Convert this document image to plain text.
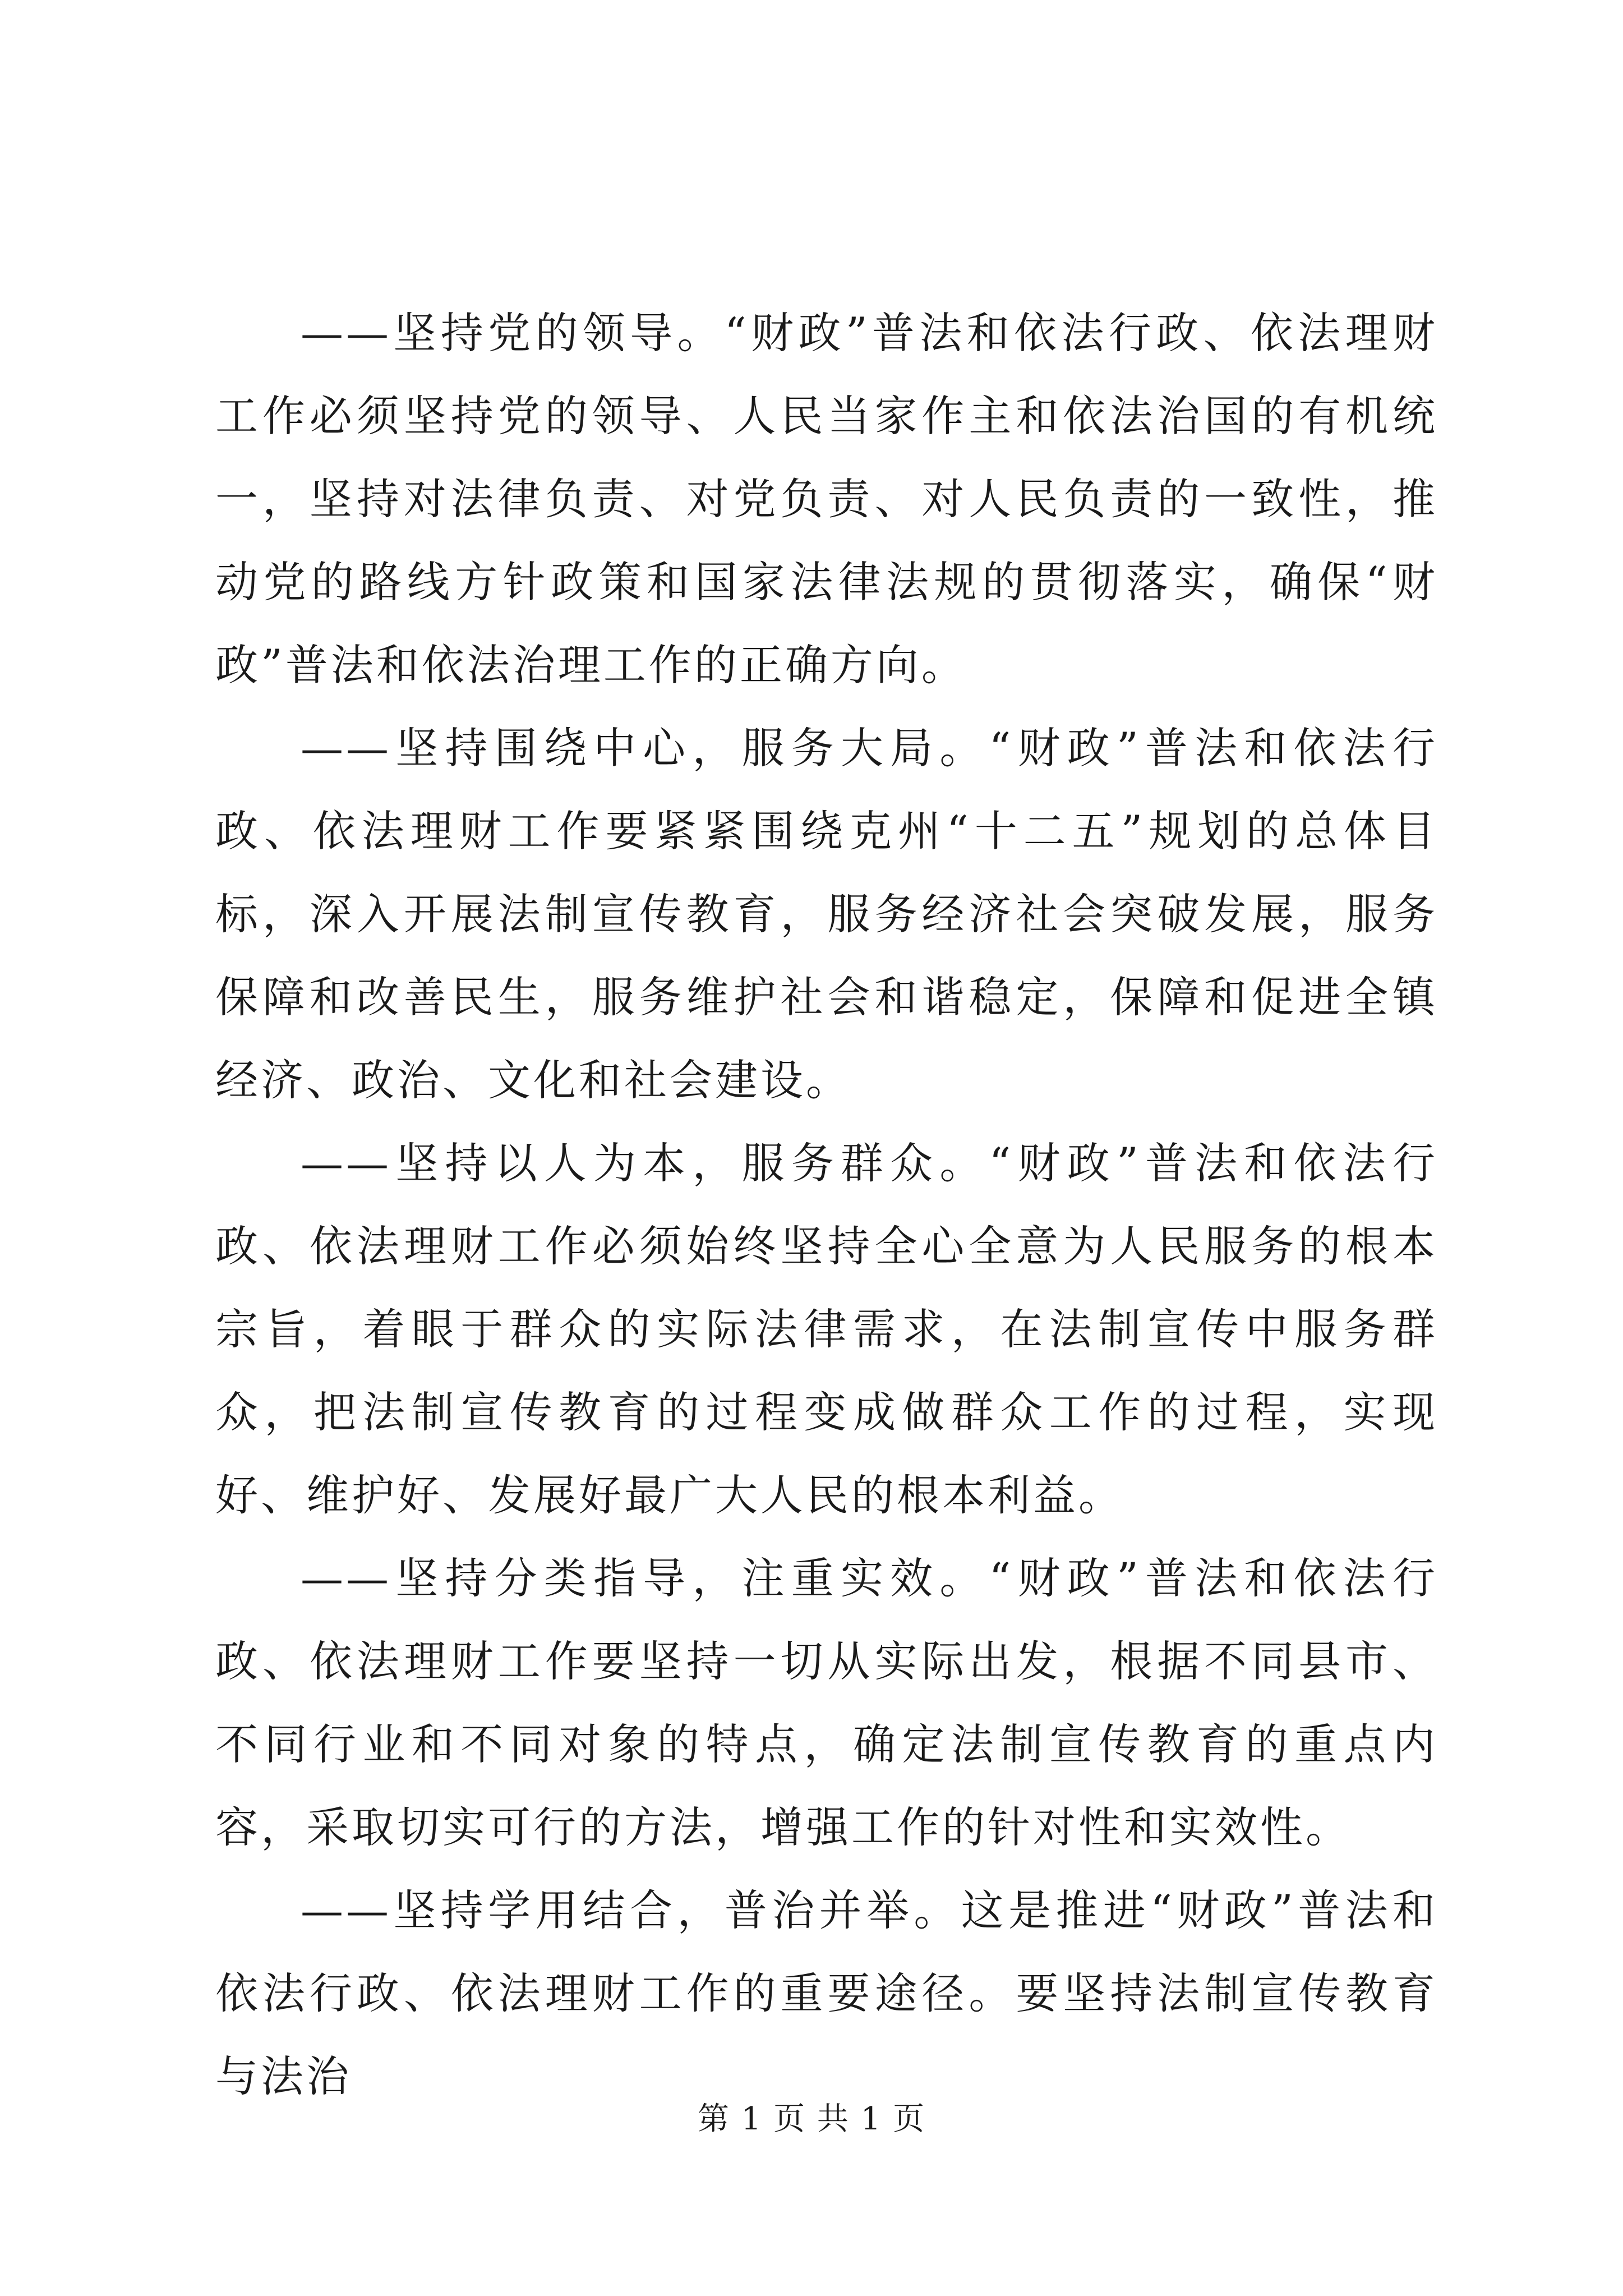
——坚持党的领导。“财政”普法和依法行政、依法理财工作必须坚持党的领导、人民当家作主和依法治国的有机统一，坚持对法律负责、对党负责、对人民负责的一致性，推动党的路线方针政策和国家法律法规的贯彻落实，确保“财政”普法和依法治理工作的正确方向。

——坚持围绕中心，服务大局。“财政”普法和依法行政、依法理财工作要紧紧围绕克州“十二五”规划的总体目标，深入开展法制宣传教育，服务经济社会突破发展，服务保障和改善民生，服务维护社会和谐稳定，保障和促进全镇经济、政治、文化和社会建设。

——坚持以人为本，服务群众。“财政”普法和依法行政、依法理财工作必须始终坚持全心全意为人民服务的根本宗旨，着眼于群众的实际法律需求，在法制宣传中服务群众，把法制宣传教育的过程变成做群众工作的过程，实现好、维护好、发展好最广大人民的根本利益。

——坚持分类指导，注重实效。“财政”普法和依法行政、依法理财工作要坚持一切从实际出发，根据不同县市、不同行业和不同对象的特点，确定法制宣传教育的重点内容，采取切实可行的方法，增强工作的针对性和实效性。

——坚持学用结合，普治并举。这是推进“财政”普法和依法行政、依法理财工作的重要途径。要坚持法制宣传教育与法治

第 1 页 共 1 页
